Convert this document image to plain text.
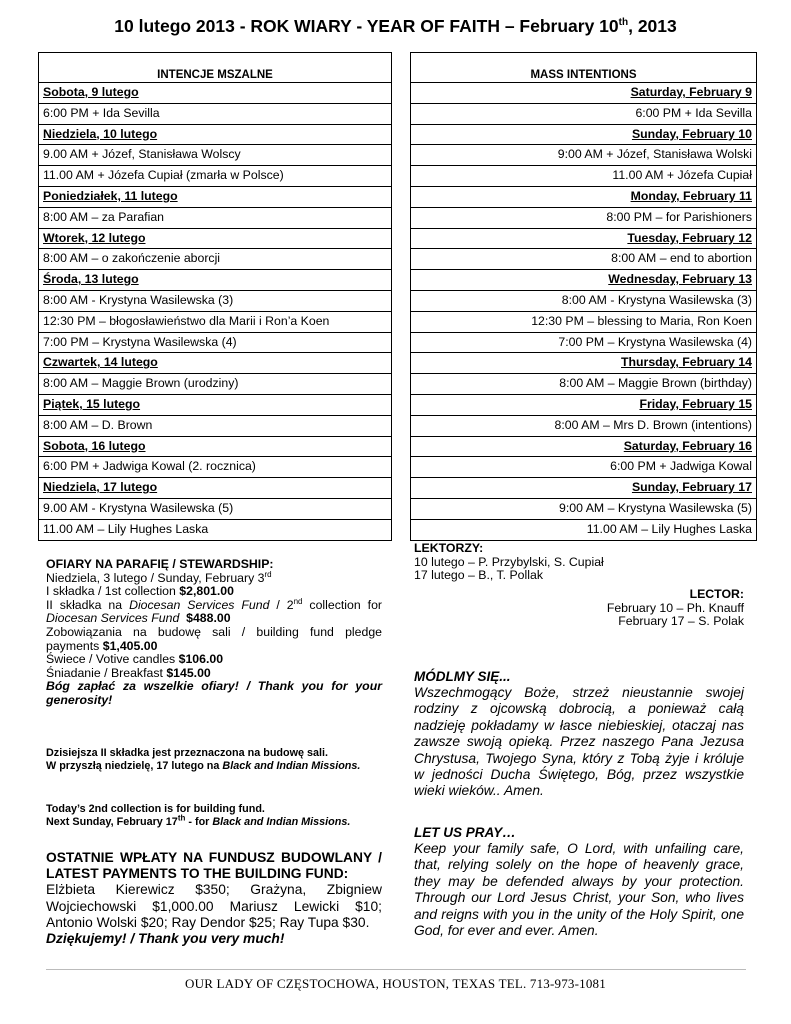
10 lutego 2013 - ROK WIARY - YEAR OF FAITH – February 10th, 2013
INTENCJE MSZALNE
Sobota, 9 lutego
6:00 PM + Ida Sevilla
Niedziela, 10 lutego
9.00 AM + Józef, Stanisława Wolscy
11.00 AM + Józefa Cupiał (zmarła w Polsce)
Poniedziałek, 11 lutego
8:00 AM – za Parafian
Wtorek, 12 lutego
8:00 AM – o zakończenie aborcji
Środa, 13 lutego
8:00 AM - Krystyna Wasilewska (3)
12:30 PM – błogosławieństwo dla Marii i Ron’a Koen
7:00 PM – Krystyna Wasilewska (4)
Czwartek, 14 lutego
8:00 AM – Maggie Brown (urodziny)
Piątek, 15 lutego
8:00 AM – D. Brown
Sobota, 16 lutego
6:00 PM + Jadwiga Kowal (2. rocznica)
Niedziela, 17 lutego
9.00 AM - Krystyna Wasilewska (5)
11.00 AM – Lily Hughes Laska
MASS INTENTIONS
Saturday, February 9
6:00 PM + Ida Sevilla
Sunday, February 10
9:00 AM + Józef, Stanisława Wolski
11.00 AM + Józefa Cupiał
Monday, February 11
8:00 PM – for Parishioners
Tuesday, February 12
8:00 AM – end to abortion
Wednesday, February 13
8:00 AM - Krystyna Wasilewska (3)
12:30 PM – blessing to Maria, Ron Koen
7:00 PM – Krystyna Wasilewska (4)
Thursday, February 14
8:00 AM – Maggie Brown (birthday)
Friday, February 15
8:00 AM – Mrs D. Brown (intentions)
Saturday, February 16
6:00 PM + Jadwiga Kowal
Sunday, February 17
9:00 AM – Krystyna Wasilewska (5)
11.00 AM – Lily Hughes Laska
OFIARY NA PARAFIĘ / STEWARDSHIP:
Niedziela, 3 lutego / Sunday, February 3rd
I składka / 1st collection $2,801.00
II składka na Diocesan Services Fund / 2nd collection for Diocesan Services Fund $488.00
Zobowiązania na budowę sali / building fund pledge payments $1,405.00
Świece / Votive candles $106.00
Śniadanie / Breakfast $145.00
Bóg zapłać za wszelkie ofiary! / Thank you for your generosity!
Dzisiejsza II składka jest przeznaczona na budowę sali.
W przyszłą niedzielę, 17 lutego na Black and Indian Missions.
Today’s 2nd collection is for building fund.
Next Sunday, February 17th - for Black and Indian Missions.
OSTATNIE WPŁATY NA FUNDUSZ BUDOWLANY / LATEST PAYMENTS TO THE BUILDING FUND:
Elżbieta Kierewicz $350; Grażyna, Zbigniew Wojciechowski $1,000.00 Mariusz Lewicki $10; Antonio Wolski $20; Ray Dendor $25; Ray Tupa $30.
Dziękujemy! / Thank you very much!
LEKTORZY:
10 lutego – P. Przybylski, S. Cupiał
17 lutego – B., T. Pollak
LECTOR:
February 10 – Ph. Knauff
February 17 – S. Polak
MÓDLMY SIĘ...
Wszechmogący Boże, strzeż nieustannie swojej rodziny z ojcowską dobrocią, a ponieważ całą nadzieję pokładamy w łasce niebieskiej, otaczaj nas zawsze swoją opieką. Przez naszego Pana Jezusa Chrystusa, Twojego Syna, który z Tobą żyje i króluje w jedności Ducha Świętego, Bóg, przez wszystkie wieki wieków.. Amen.
LET US PRAY…
Keep your family safe, O Lord, with unfailing care, that, relying solely on the hope of heavenly grace, they may be defended always by your protection. Through our Lord Jesus Christ, your Son, who lives and reigns with you in the unity of the Holy Spirit, one God, for ever and ever. Amen.
OUR LADY OF CZĘSTOCHOWA, HOUSTON, TEXAS TEL. 713-973-1081
